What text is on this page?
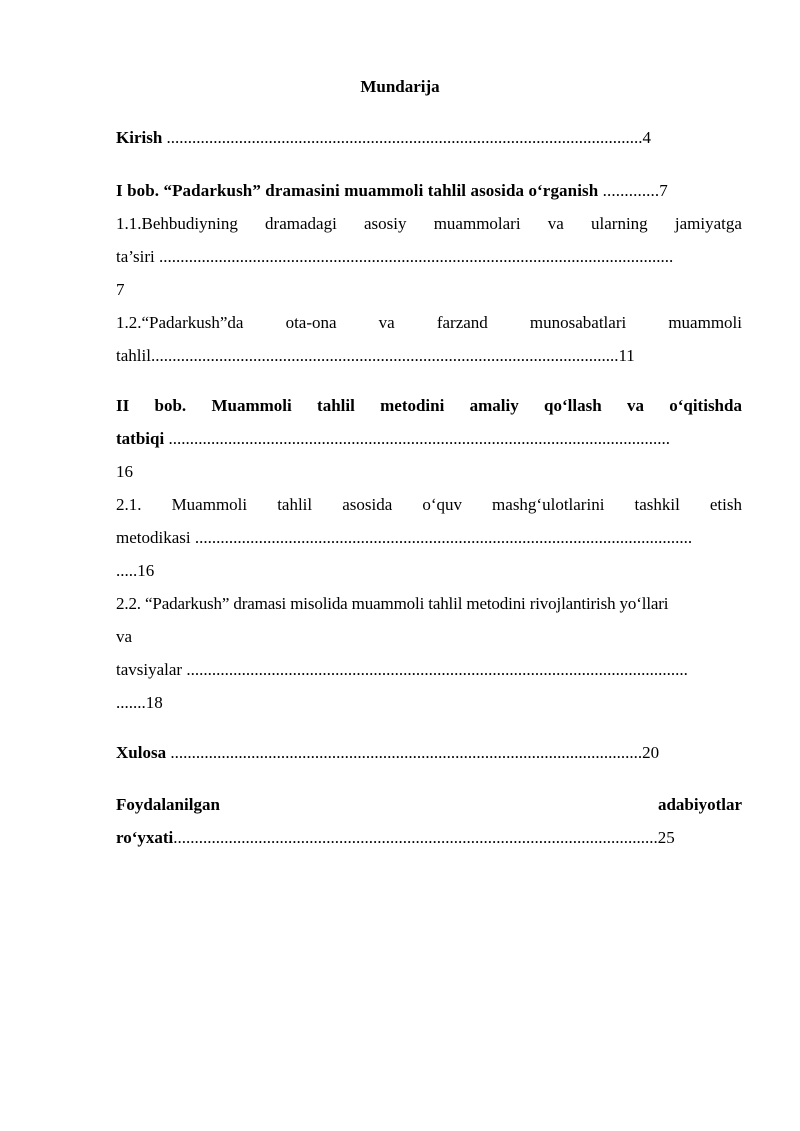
Mundarija
Kirish ................................................................................................................4
I bob. “Padarkush” dramasini muammoli tahlil asosida o‘rganish .............7
1.1.Behbudiyning dramadagi asosiy muammolari va ularning jamiyatga
ta’siri .........................................................................................................................
7
1.2.“Padarkush”da ota-ona va farzand munosabatlari muammoli
tahlil..............................................................................................................11
II bob. Muammoli tahlil metodini amaliy qo‘llash va o‘qitishda
tatbiqi ......................................................................................................................
16
2.1. Muammoli tahlil asosida o‘quv mashg‘ulotlarini tashkil etish
metodikasi .....................................................................................................................
.....16
2.2. “Padarkush” dramasi misolida muammoli tahlil metodini rivojlantirish yo‘llari
va
tavsiyalar ......................................................................................................................
.......18
Xulosa ...............................................................................................................20
Foydalanilgan	adabiyotlar
ro‘yxati..................................................................................................................25
